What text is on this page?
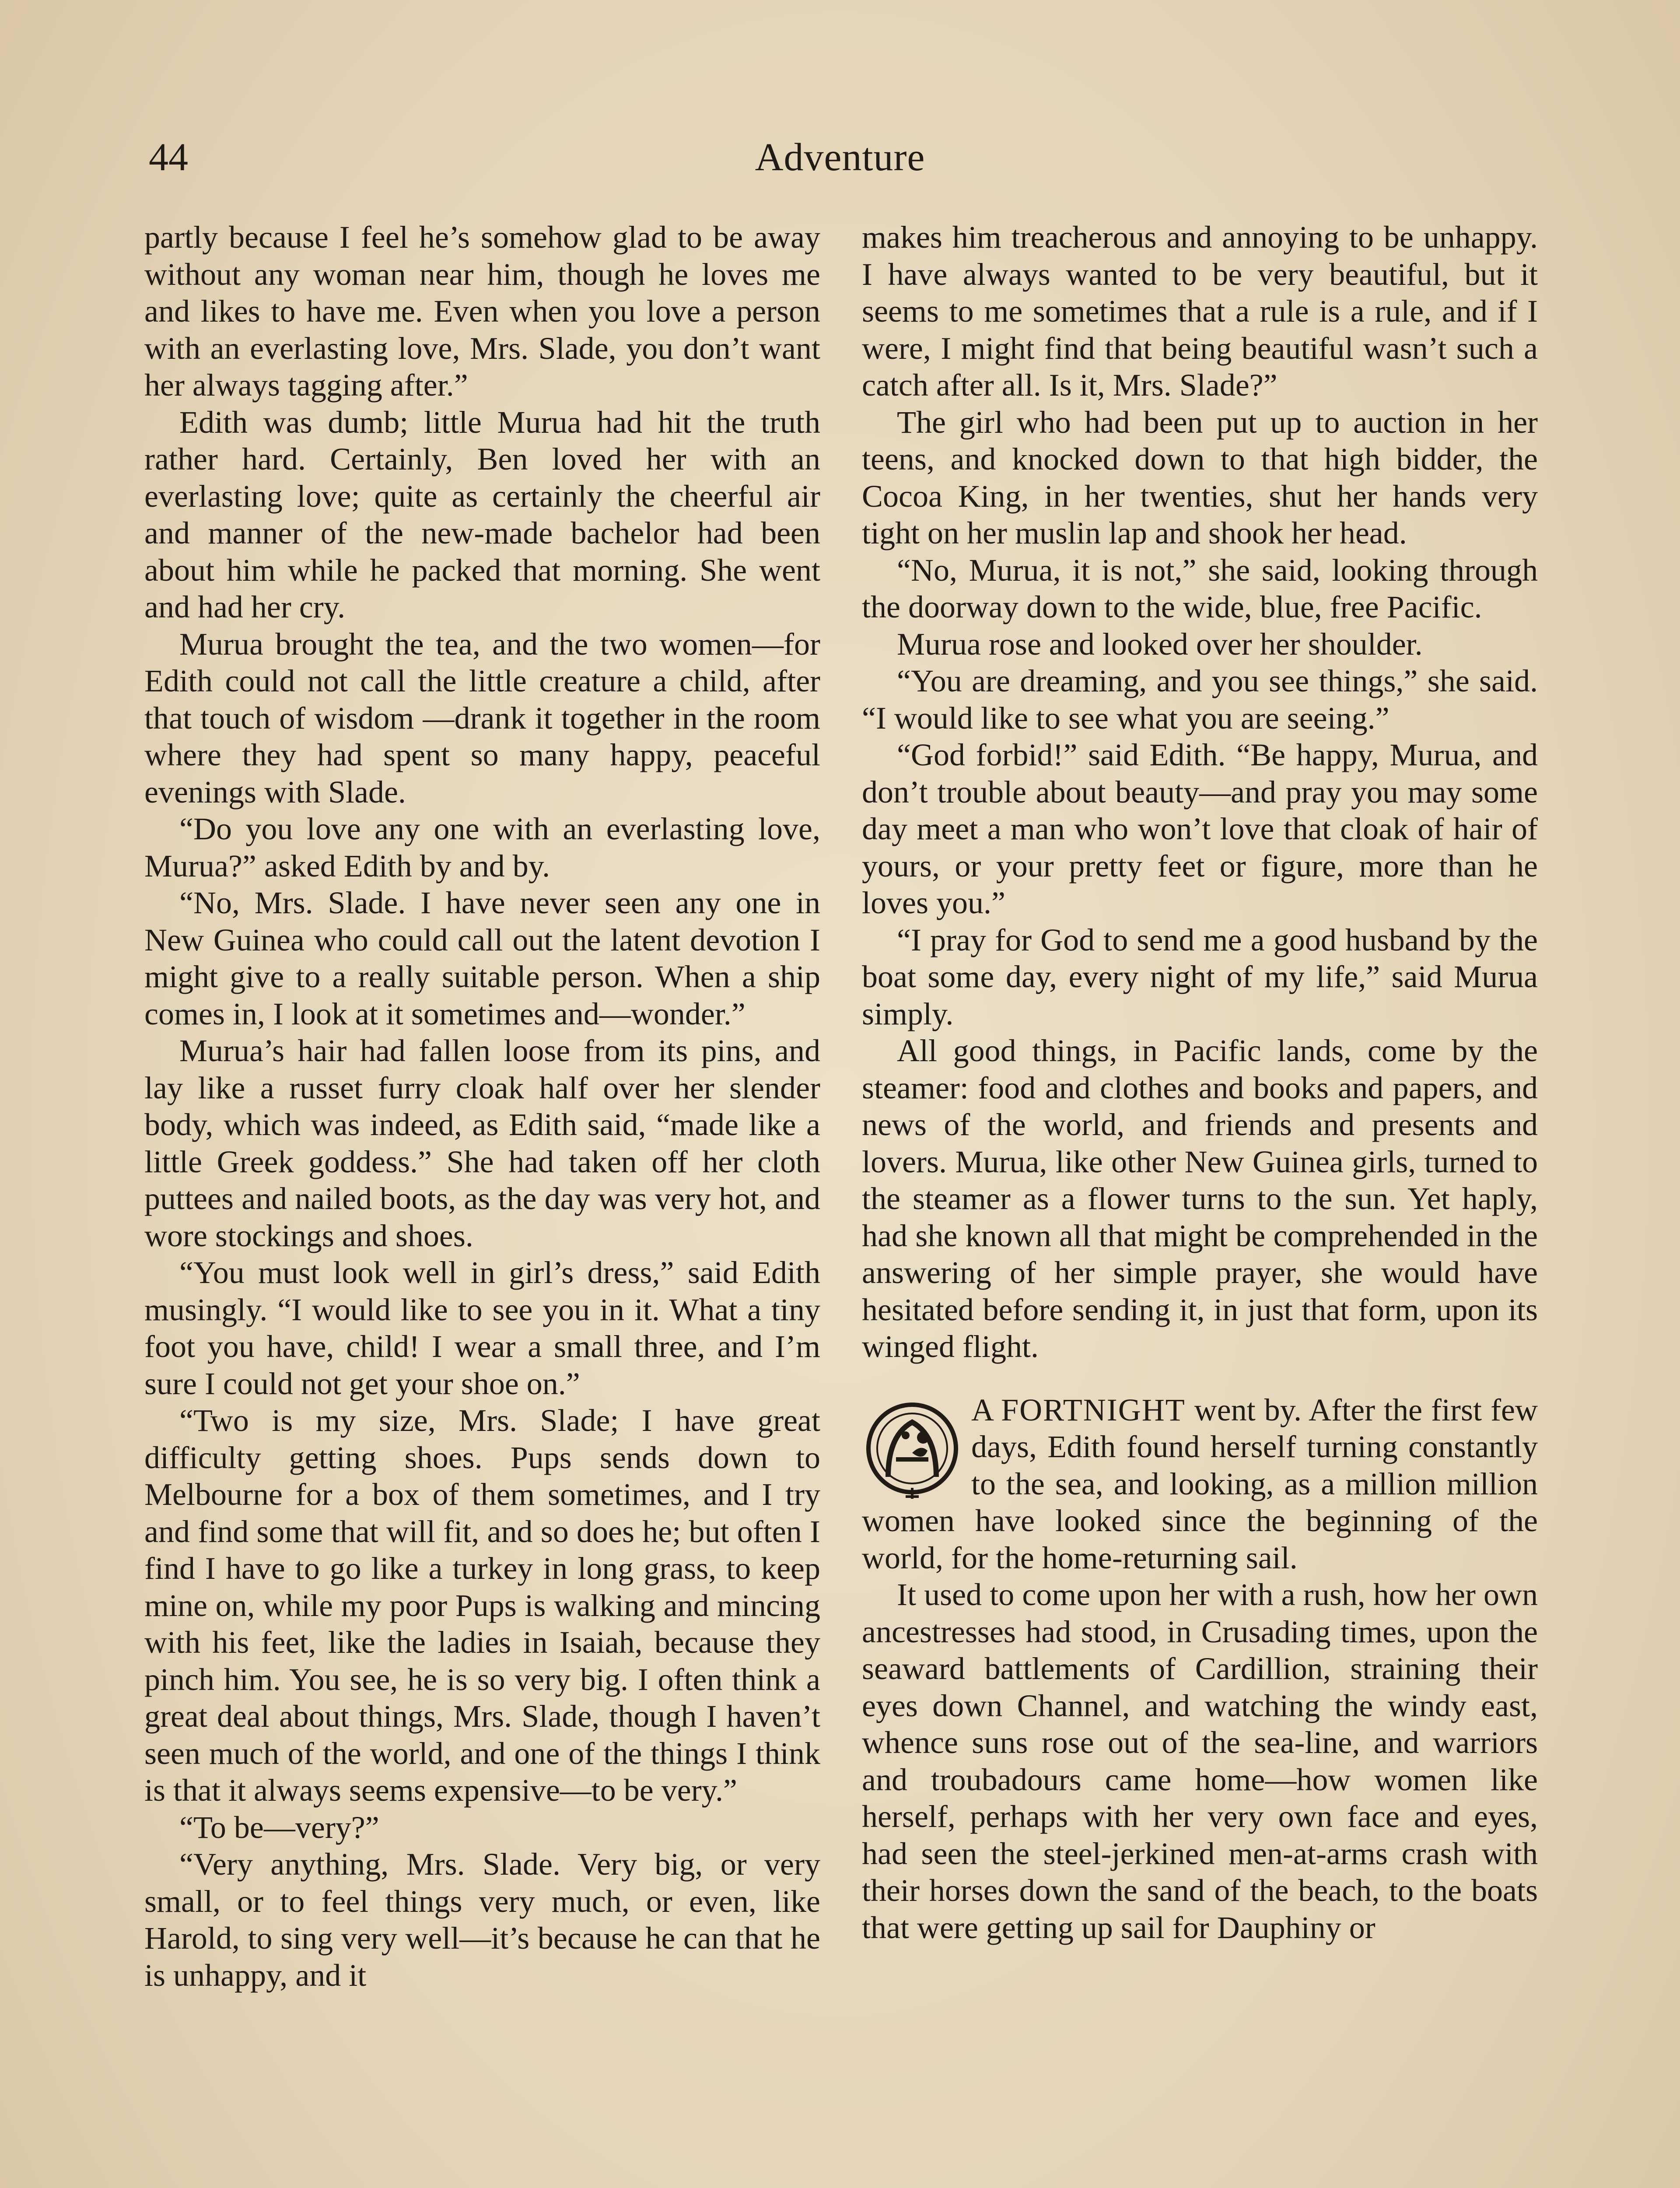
44	Adventure

partly because I feel he’s somehow glad to be away without any woman near him, though he loves me and likes to have me. Even when you love a person with an everlasting love, Mrs. Slade, you don’t want her always tagging after.”

Edith was dumb; little Murua had hit the truth rather hard. Certainly, Ben loved her with an everlasting love; quite as certainly the cheerful air and manner of the new-made bachelor had been about him while he packed that morning. She went and had her cry.

Murua brought the tea, and the two women—for Edith could not call the little creature a child, after that touch of wisdom —drank it together in the room where they had spent so many happy, peaceful evenings with Slade.

“Do you love any one with an everlasting love, Murua?” asked Edith by and by.

“No, Mrs. Slade. I have never seen any one in New Guinea who could call out the latent devotion I might give to a really suitable person. When a ship comes in, I look at it sometimes and—wonder.”

Murua’s hair had fallen loose from its pins, and lay like a russet furry cloak half over her slender body, which was indeed, as Edith said, “made like a little Greek goddess.” She had taken off her cloth puttees and nailed boots, as the day was very hot, and wore stockings and shoes.

“You must look well in girl’s dress,” said Edith musingly. “I would like to see you in it. What a tiny foot you have, child! I wear a small three, and I’m sure I could not get your shoe on.”

“Two is my size, Mrs. Slade; I have great difficulty getting shoes. Pups sends down to Melbourne for a box of them sometimes, and I try and find some that will fit, and so does he; but often I find I have to go like a turkey in long grass, to keep mine on, while my poor Pups is walking and mincing with his feet, like the ladies in Isaiah, because they pinch him. You see, he is so very big. I often think a great deal about things, Mrs. Slade, though I haven’t seen much of the world, and one of the things I think is that it always seems expensive—to be very.”

“To be—very?”

“Very anything, Mrs. Slade. Very big, or very small, or to feel things very much, or even, like Harold, to sing very well—it’s because he can that he is unhappy, and it

makes him treacherous and annoying to be unhappy. I have always wanted to be very beautiful, but it seems to me sometimes that a rule is a rule, and if I were, I might find that being beautiful wasn’t such a catch after all. Is it, Mrs. Slade?”

The girl who had been put up to auction in her teens, and knocked down to that high bidder, the Cocoa King, in her twenties, shut her hands very tight on her muslin lap and shook her head.

“No, Murua, it is not,” she said, looking through the doorway down to the wide, blue, free Pacific.

Murua rose and looked over her shoulder.

“You are dreaming, and you see things,” she said. “I would like to see what you are seeing.”

“God forbid!” said Edith. “Be happy, Murua, and don’t trouble about beauty—and pray you may some day meet a man who won’t love that cloak of hair of yours, or your pretty feet or figure, more than he loves you.”

“I pray for God to send me a good husband by the boat some day, every night of my life,” said Murua simply.

All good things, in Pacific lands, come by the steamer: food and clothes and books and papers, and news of the world, and friends and presents and lovers. Murua, like other New Guinea girls, turned to the steamer as a flower turns to the sun. Yet haply, had she known all that might be comprehended in the answering of her simple prayer, she would have hesitated before sending it, in just that form, upon its winged flight.

A FORTNIGHT went by. After the first few days, Edith found herself turning constantly to the sea, and looking, as a million million women have looked since the beginning of the world, for the home-returning sail.

It used to come upon her with a rush, how her own ancestresses had stood, in Crusading times, upon the seaward battlements of Cardillion, straining their eyes down Channel, and watching the windy east, whence suns rose out of the sea-line, and warriors and troubadours came home—how women like herself, perhaps with her very own face and eyes, had seen the steel-jerkined men-at-arms crash with their horses down the sand of the beach, to the boats that were getting up sail for Dauphiny or
